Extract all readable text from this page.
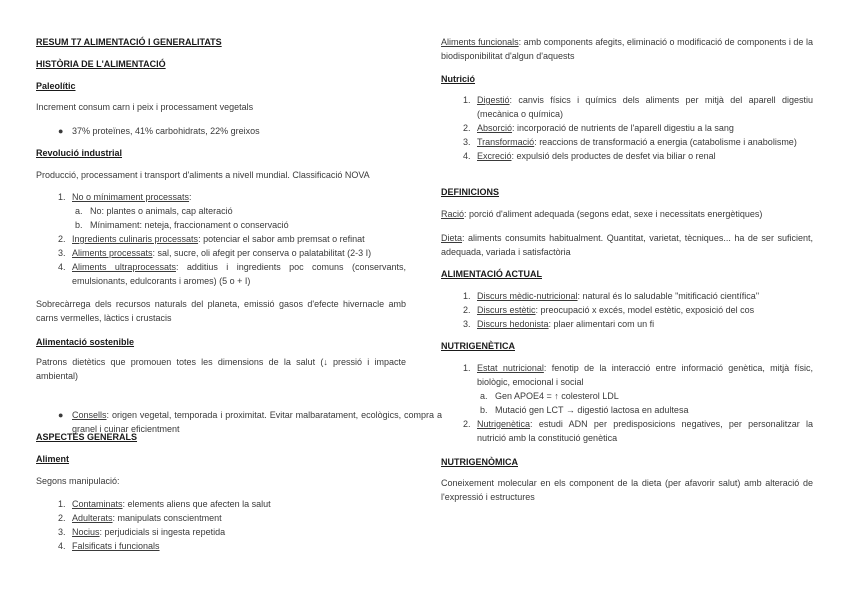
RESUM T7 ALIMENTACIÓ I GENERALITATS
HISTÒRIA DE L'ALIMENTACIÓ
Paleolític
Increment consum carn i peix i processament vegetals
● 37% proteïnes, 41% carbohidrats, 22% greixos
Revolució industrial
Producció, processament i transport d'aliments a nivell mundial. Classificació NOVA
1. No o mínimament processats:
a. No: plantes o animals, cap alteració
b. Mínimament: neteja, fraccionament o conservació
2. Ingredients culinaris processats: potenciar el sabor amb premsat o refinat
3. Aliments processats: sal, sucre, oli afegit per conserva o palatabilitat (2-3 I)
4. Aliments ultraprocessats: additius i ingredients poc comuns (conservants, emulsionants, edulcorants i aromes) (5 o + I)
Sobrecàrrega dels recursos naturals del planeta, emissió gasos d'efecte hivernacle amb carns vermelles, làctics i crustacis
Alimentació sostenible
Patrons dietètics que promouen totes les dimensions de la salut (↓ pressió i impacte ambiental)
● Consells: origen vegetal, temporada i proximitat. Evitar malbaratament, ecològics, compra a granel i cuinar eficientment
ASPECTES GENERALS
Aliment
Segons manipulació:
1. Contaminats: elements aliens que afecten la salut
2. Adulterats: manipulats conscientment
3. Nocius: perjudicials si ingesta repetida
4. Falsificats i funcionals
Aliments funcionals: amb components afegits, eliminació o modificació de components i de la biodisponibilitat d'algun d'aquests
Nutrició
1. Digestió: canvis físics i químics dels aliments per mitjà del aparell digestiu (mecànica o química)
2. Absorció: incorporació de nutrients de l'aparell digestiu a la sang
3. Transformació: reaccions de transformació a energia (catabolisme i anabolisme)
4. Excreció: expulsió dels productes de desfet via biliar o renal
DEFINICIONS
Ració: porció d'aliment adequada (segons edat, sexe i necessitats energètiques)
Dieta: aliments consumits habitualment. Quantitat, varietat, tècniques... ha de ser suficient, adequada, variada i satisfactòria
ALIMENTACIÓ ACTUAL
1. Discurs mèdic-nutricional: natural és lo saludable "mitificació científica"
2. Discurs estètic: preocupació x excés, model estètic, exposició del cos
3. Discurs hedonista: plaer alimentari com un fi
NUTRIGENÈTICA
1. Estat nutricional: fenotip de la interacció entre informació genètica, mitjà físic, biològic, emocional i social
a. Gen APOE4 = ↑ colesterol LDL
b. Mutació gen LCT → digestió lactosa en adultesa
2. Nutrigenètica: estudi ADN per predisposicions negatives, per personalitzar la nutrició amb la constitució genètica
NUTRIGENÒMICA
Coneixement molecular en els component de la dieta (per afavorir salut) amb alteració de l'expressió i estructures
